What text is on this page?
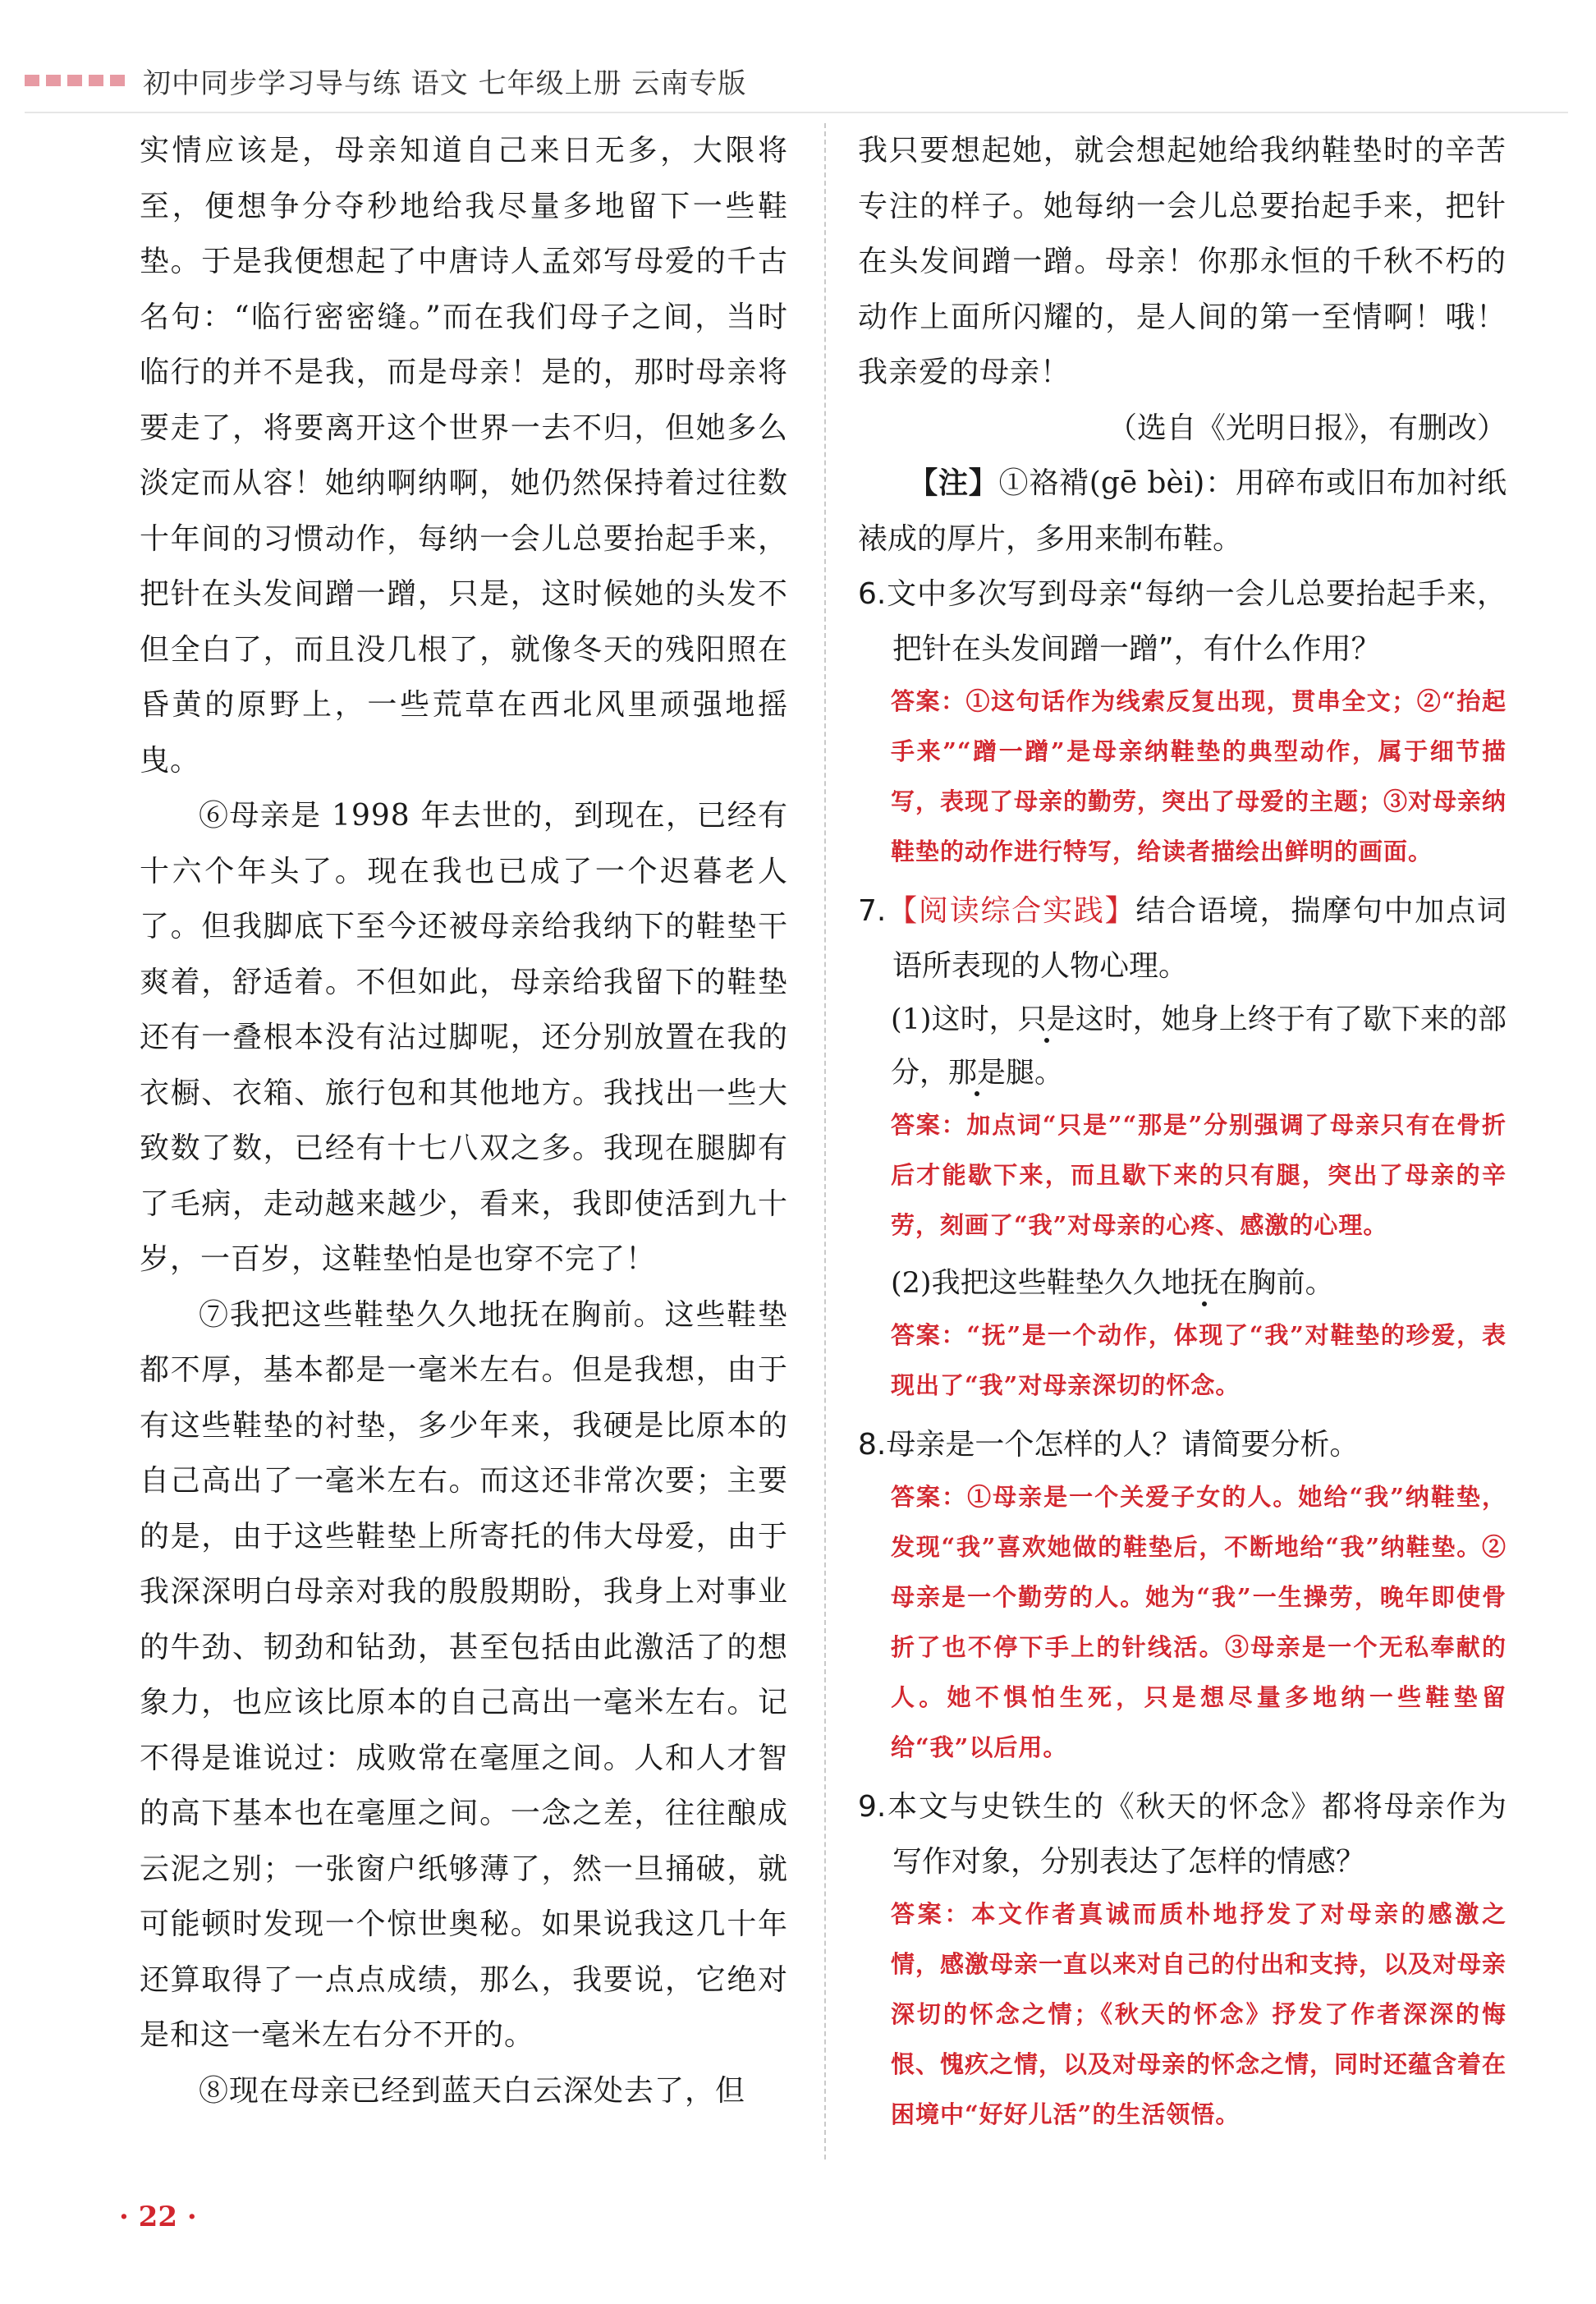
初中同步学习导与练 语文 七年级上册 云南专版

实情应该是，母亲知道自己来日无多，大限将至，便想争分夺秒地给我尽量多地留下一些鞋垫。于是我便想起了中唐诗人孟郊写母爱的千古名句：“临行密密缝。”而在我们母子之间，当时临行的并不是我，而是母亲！是的，那时母亲将要走了，将要离开这个世界一去不归，但她多么淡定而从容！她纳啊纳啊，她仍然保持着过往数十年间的习惯动作，每纳一会儿总要抬起手来，把针在头发间蹭一蹭，只是，这时候她的头发不但全白了，而且没几根了，就像冬天的残阳照在昏黄的原野上，一些荒草在西北风里顽强地摇曳。

⑥母亲是 1998 年去世的，到现在，已经有十六个年头了。现在我也已成了一个迟暮老人了。但我脚底下至今还被母亲给我纳下的鞋垫干爽着，舒适着。不但如此，母亲给我留下的鞋垫还有一叠根本没有沾过脚呢，还分别放置在我的衣橱、衣箱、旅行包和其他地方。我找出一些大致数了数，已经有十七八双之多。我现在腿脚有了毛病，走动越来越少，看来，我即使活到九十岁，一百岁，这鞋垫怕是也穿不完了！

⑦我把这些鞋垫久久地抚在胸前。这些鞋垫都不厚，基本都是一毫米左右。但是我想，由于有这些鞋垫的衬垫，多少年来，我硬是比原本的自己高出了一毫米左右。而这还非常次要；主要的是，由于这些鞋垫上所寄托的伟大母爱，由于我深深明白母亲对我的殷殷期盼，我身上对事业的牛劲、韧劲和钻劲，甚至包括由此激活了的想象力，也应该比原本的自己高出一毫米左右。记不得是谁说过：成败常在毫厘之间。人和人才智的高下基本也在毫厘之间。一念之差，往往酿成云泥之别；一张窗户纸够薄了，然一旦捅破，就可能顿时发现一个惊世奥秘。如果说我这几十年还算取得了一点点成绩，那么，我要说，它绝对是和这一毫米左右分不开的。

⑧现在母亲已经到蓝天白云深处去了，但

我只要想起她，就会想起她给我纳鞋垫时的辛苦专注的样子。她每纳一会儿总要抬起手来，把针在头发间蹭一蹭。母亲！你那永恒的千秋不朽的动作上面所闪耀的，是人间的第一至情啊！哦！我亲爱的母亲！

（选自《光明日报》，有删改）

【注】①袼褙(gē bèi)：用碎布或旧布加衬纸裱成的厚片，多用来制布鞋。

6.文中多次写到母亲“每纳一会儿总要抬起手来，把针在头发间蹭一蹭”，有什么作用？

答案：①这句话作为线索反复出现，贯串全文；②“抬起手来”“蹭一蹭”是母亲纳鞋垫的典型动作，属于细节描写，表现了母亲的勤劳，突出了母爱的主题；③对母亲纳鞋垫的动作进行特写，给读者描绘出鲜明的画面。

7.【阅读综合实践】结合语境，揣摩句中加点词语所表现的人物心理。

(1)这时，只是这时，她身上终于有了歇下来的部分，那是腿。

答案：加点词“只是”“那是”分别强调了母亲只有在骨折后才能歇下来，而且歇下来的只有腿，突出了母亲的辛劳，刻画了“我”对母亲的心疼、感激的心理。

(2)我把这些鞋垫久久地抚在胸前。

答案：“抚”是一个动作，体现了“我”对鞋垫的珍爱，表现出了“我”对母亲深切的怀念。

8.母亲是一个怎样的人？请简要分析。

答案：①母亲是一个关爱子女的人。她给“我”纳鞋垫，发现“我”喜欢她做的鞋垫后，不断地给“我”纳鞋垫。②母亲是一个勤劳的人。她为“我”一生操劳，晚年即使骨折了也不停下手上的针线活。③母亲是一个无私奉献的人。她不惧怕生死，只是想尽量多地纳一些鞋垫留给“我”以后用。

9.本文与史铁生的《秋天的怀念》都将母亲作为写作对象，分别表达了怎样的情感？

答案：本文作者真诚而质朴地抒发了对母亲的感激之情，感激母亲一直以来对自己的付出和支持，以及对母亲深切的怀念之情；《秋天的怀念》抒发了作者深深的悔恨、愧疚之情，以及对母亲的怀念之情，同时还蕴含着在困境中“好好儿活”的生活领悟。

· 22 ·
